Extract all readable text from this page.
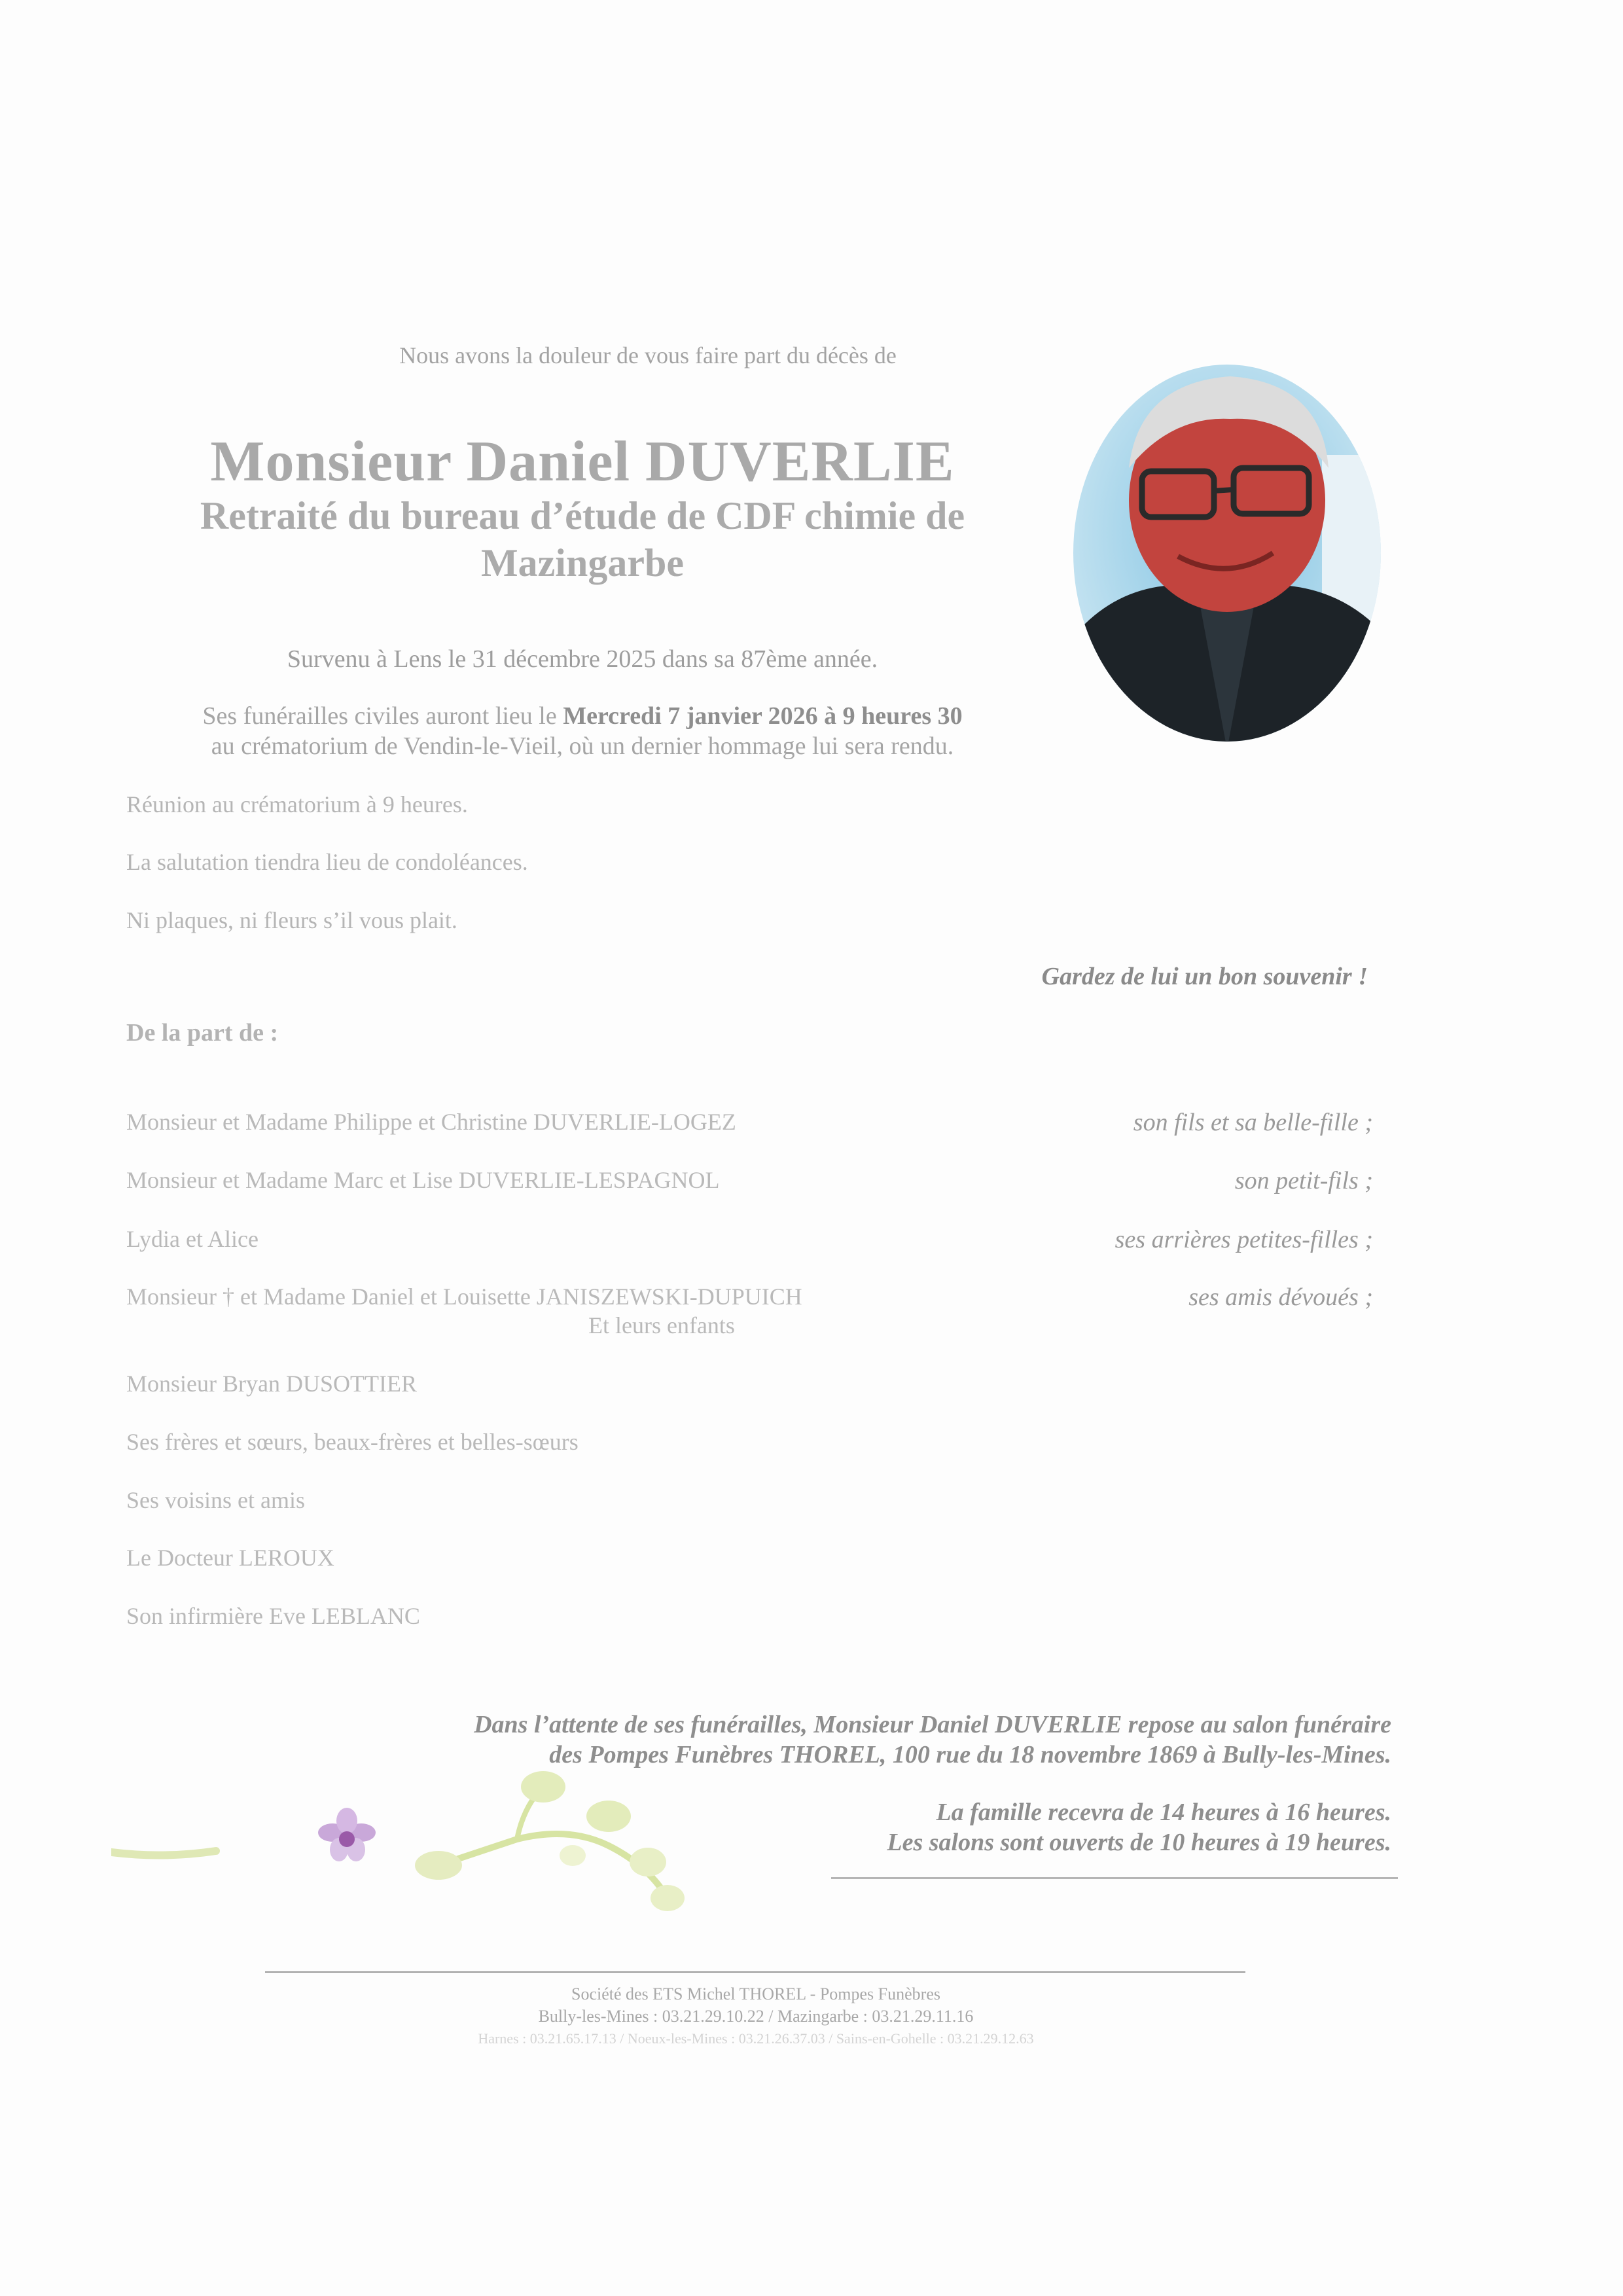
Nous avons la douleur de vous faire part du décès de
Monsieur Daniel DUVERLIE
Retraité du bureau d’étude de CDF chimie de Mazingarbe
Survenu à Lens le 31 décembre 2025 dans sa 87ème année.
Ses funérailles civiles auront lieu le Mercredi 7 janvier 2026 à 9 heures 30
au crématorium de Vendin-le-Vieil, où un dernier hommage lui sera rendu.
Réunion au crématorium à 9 heures.
La salutation tiendra lieu de condoléances.
Ni plaques, ni fleurs s’il vous plait.
Gardez de lui un bon souvenir !
De la part de :
Monsieur et Madame Philippe et Christine DUVERLIE-LOGEZ	son fils et sa belle-fille ;
Monsieur et Madame Marc et Lise DUVERLIE-LESPAGNOL	son petit-fils ;
Lydia et Alice	ses arrières petites-filles ;
Monsieur † et Madame Daniel et Louisette JANISZEWSKI-DUPUICH	ses amis dévoués ;
Et leurs enfants
Monsieur Bryan DUSOTTIER
Ses frères et sœurs, beaux-frères et belles-sœurs
Ses voisins et amis
Le Docteur LEROUX
Son infirmière Eve LEBLANC
Dans l’attente de ses funérailles, Monsieur Daniel DUVERLIE repose au salon funéraire
des Pompes Funèbres THOREL, 100 rue du 18 novembre 1869 à Bully-les-Mines.
La famille recevra de 14 heures à 16 heures.
Les salons sont ouverts de 10 heures à 19 heures.
Société des ETS Michel THOREL - Pompes Funèbres
Bully-les-Mines : 03.21.29.10.22 / Mazingarbe : 03.21.29.11.16
Harnes : 03.21.65.17.13 / Noeux-les-Mines : 03.21.26.37.03 / Sains-en-Gohelle : 03.21.29.12.63
